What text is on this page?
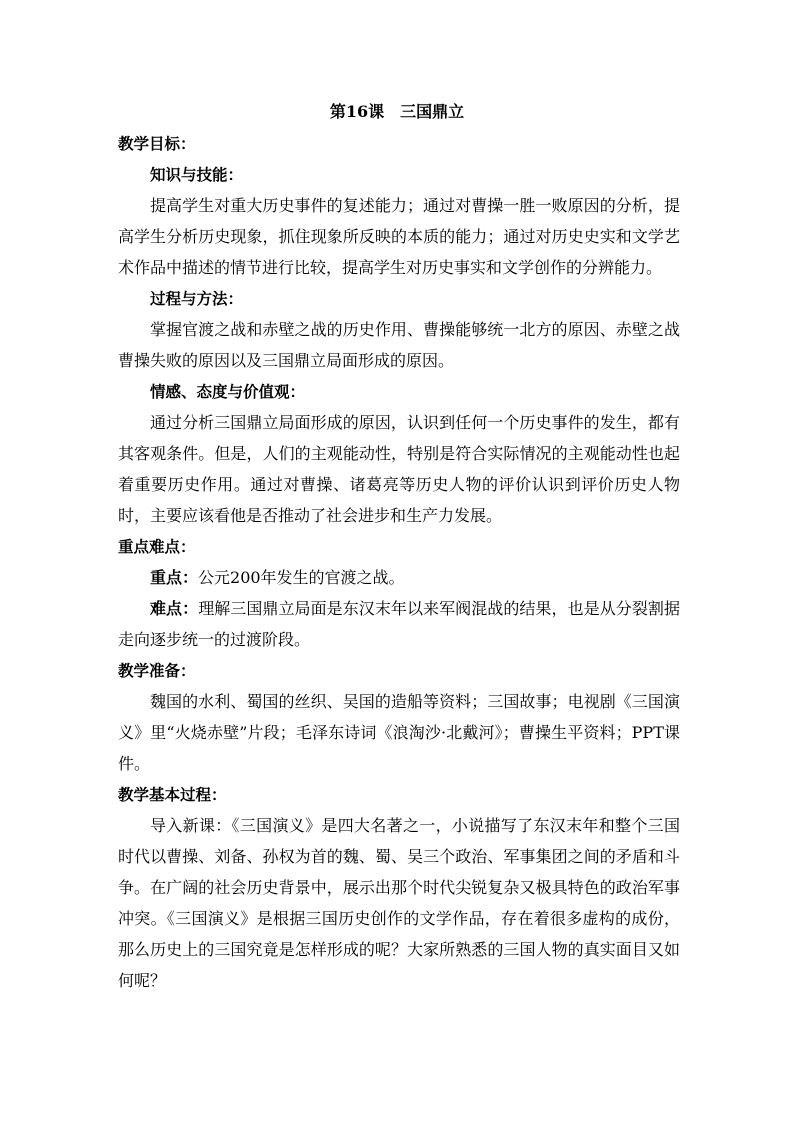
第16课　三国鼎立
教学目标：
知识与技能：
提高学生对重大历史事件的复述能力；通过对曹操一胜一败原因的分析，提高学生分析历史现象，抓住现象所反映的本质的能力；通过对历史史实和文学艺术作品中描述的情节进行比较，提高学生对历史事实和文学创作的分辨能力。
过程与方法：
掌握官渡之战和赤壁之战的历史作用、曹操能够统一北方的原因、赤壁之战曹操失败的原因以及三国鼎立局面形成的原因。
情感、态度与价值观：
通过分析三国鼎立局面形成的原因，认识到任何一个历史事件的发生，都有其客观条件。但是，人们的主观能动性，特别是符合实际情况的主观能动性也起着重要历史作用。通过对曹操、诸葛亮等历史人物的评价认识到评价历史人物时，主要应该看他是否推动了社会进步和生产力发展。
重点难点：
重点：公元200年发生的官渡之战。
难点：理解三国鼎立局面是东汉末年以来军阀混战的结果，也是从分裂割据走向逐步统一的过渡阶段。
教学准备：
魏国的水利、蜀国的丝织、吴国的造船等资料；三国故事；电视剧《三国演义》里“火烧赤壁”片段；毛泽东诗词《浪淘沙·北戴河》；曹操生平资料；PPT课件。
教学基本过程：
导入新课：《三国演义》是四大名著之一，小说描写了东汉末年和整个三国时代以曹操、刘备、孙权为首的魏、蜀、吴三个政治、军事集团之间的矛盾和斗争。在广阔的社会历史背景中，展示出那个时代尖锐复杂又极具特色的政治军事冲突。《三国演义》是根据三国历史创作的文学作品，存在着很多虚构的成份，那么历史上的三国究竟是怎样形成的呢？大家所熟悉的三国人物的真实面目又如何呢？
